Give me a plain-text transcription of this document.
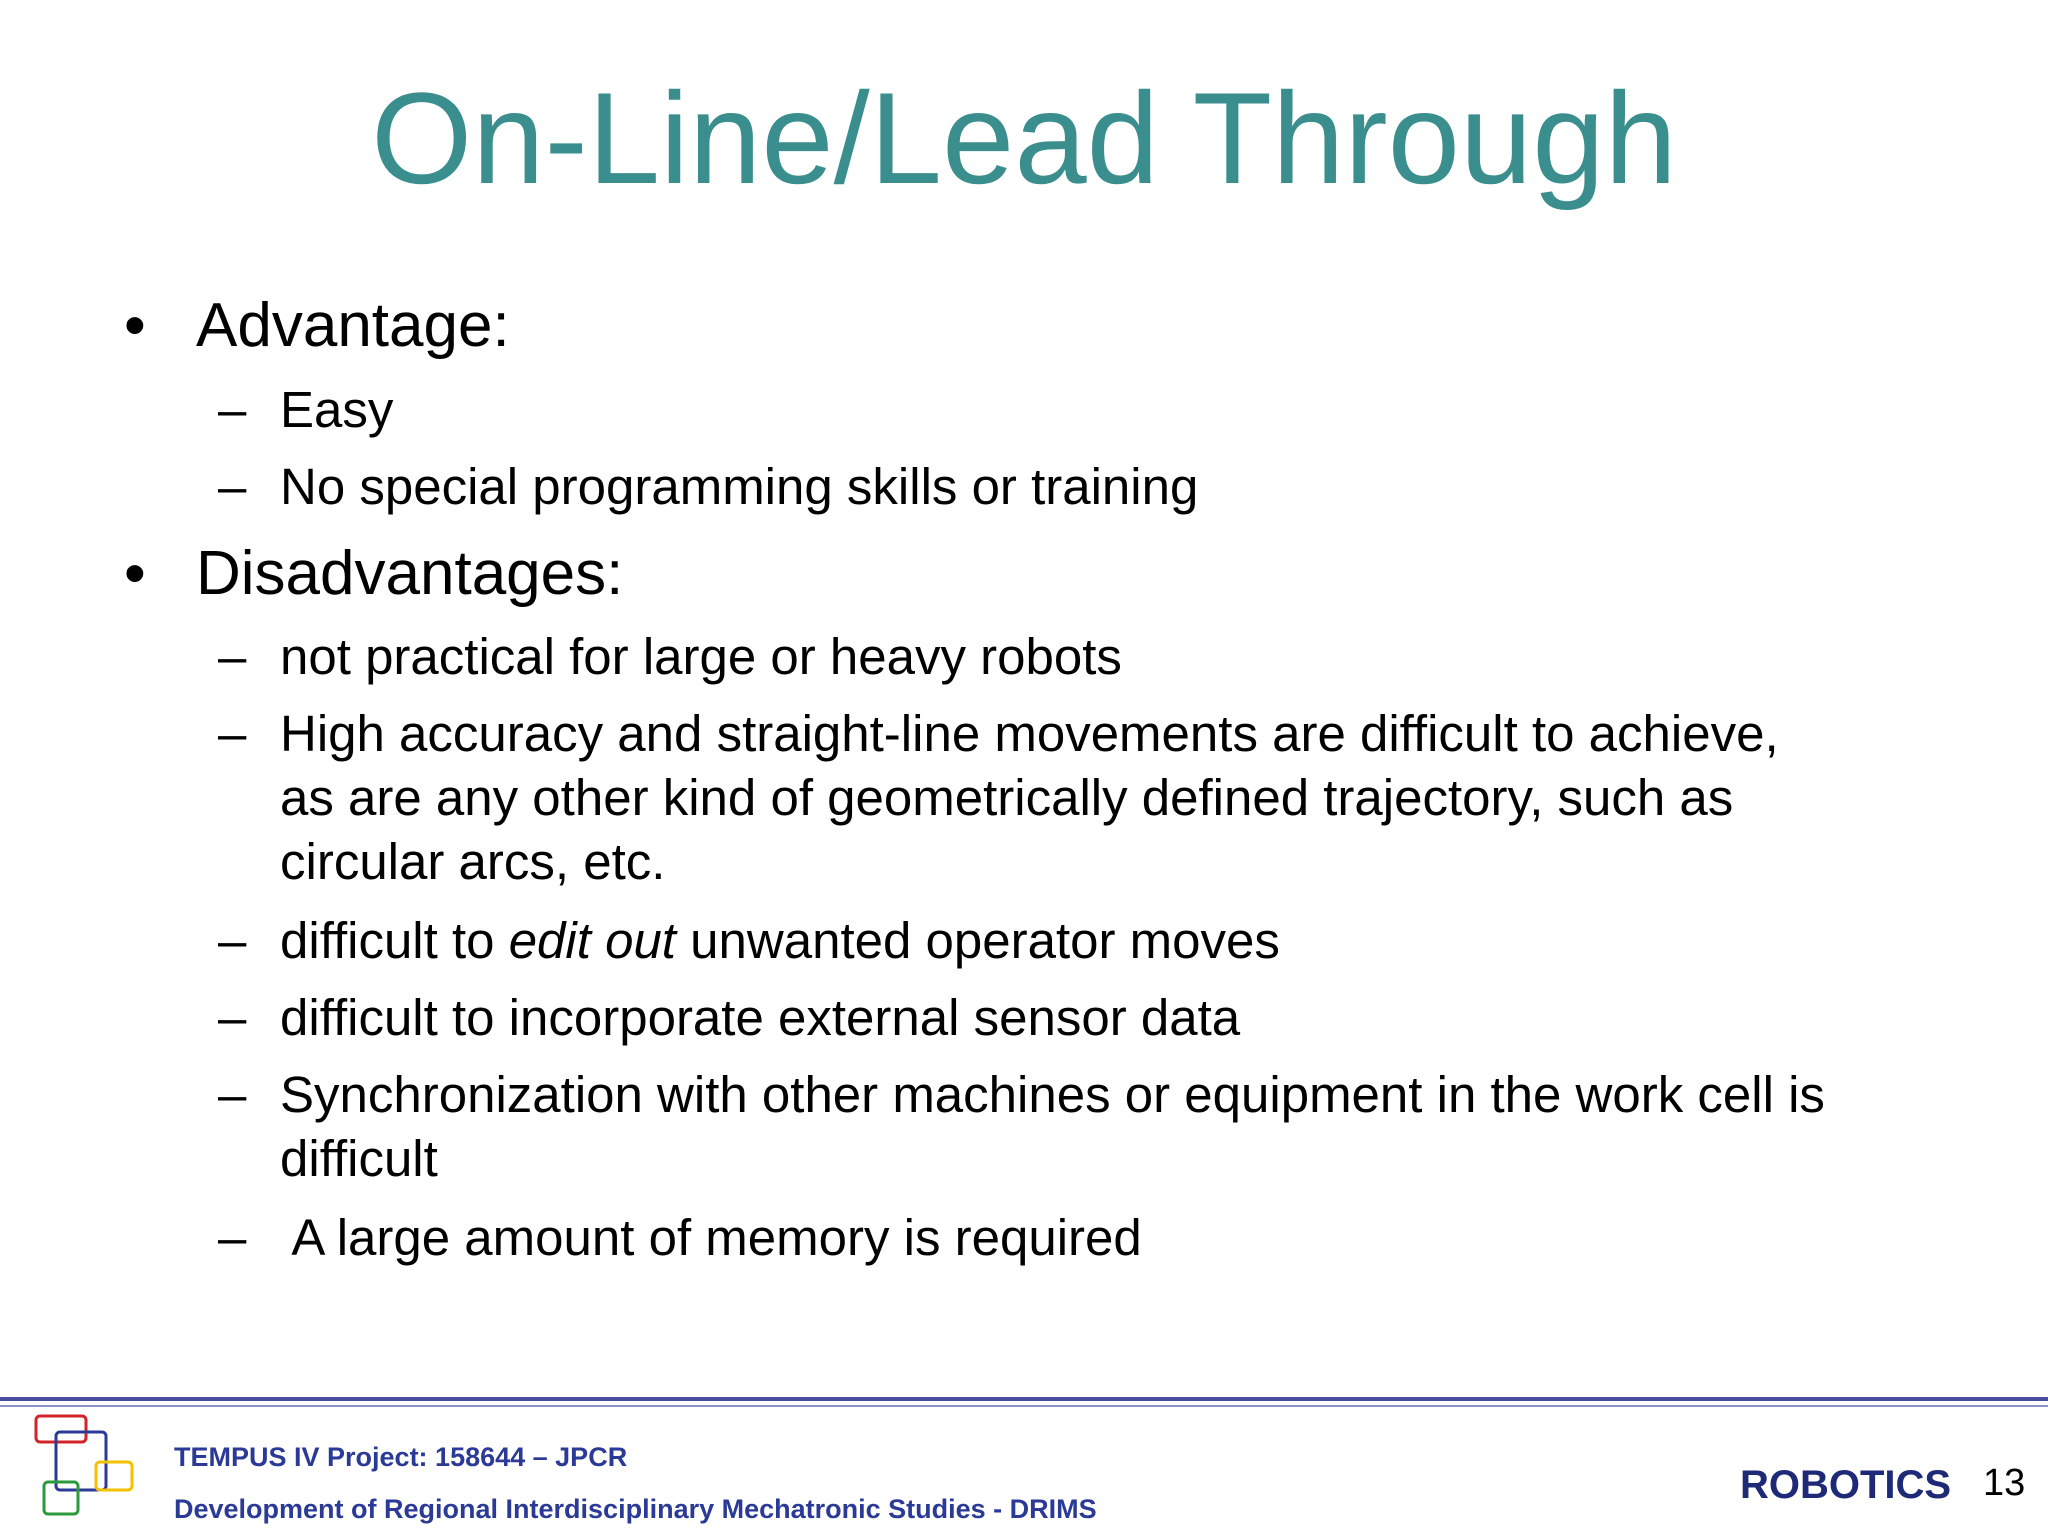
On-Line/Lead Through
• Advantage:
– Easy
– No special programming skills or training
• Disadvantages:
– not practical for large or heavy robots
– High accuracy and straight-line movements are difficult to achieve,
as are any other kind of geometrically defined trajectory, such as
circular arcs, etc.
– difficult to edit out unwanted operator moves
– difficult to incorporate external sensor data
– Synchronization with other machines or equipment in the work cell is
difficult
– A large amount of memory is required
TEMPUS IV Project: 158644 – JPCR
Development of Regional Interdisciplinary Mechatronic Studies - DRIMS
ROBOTICS 13
